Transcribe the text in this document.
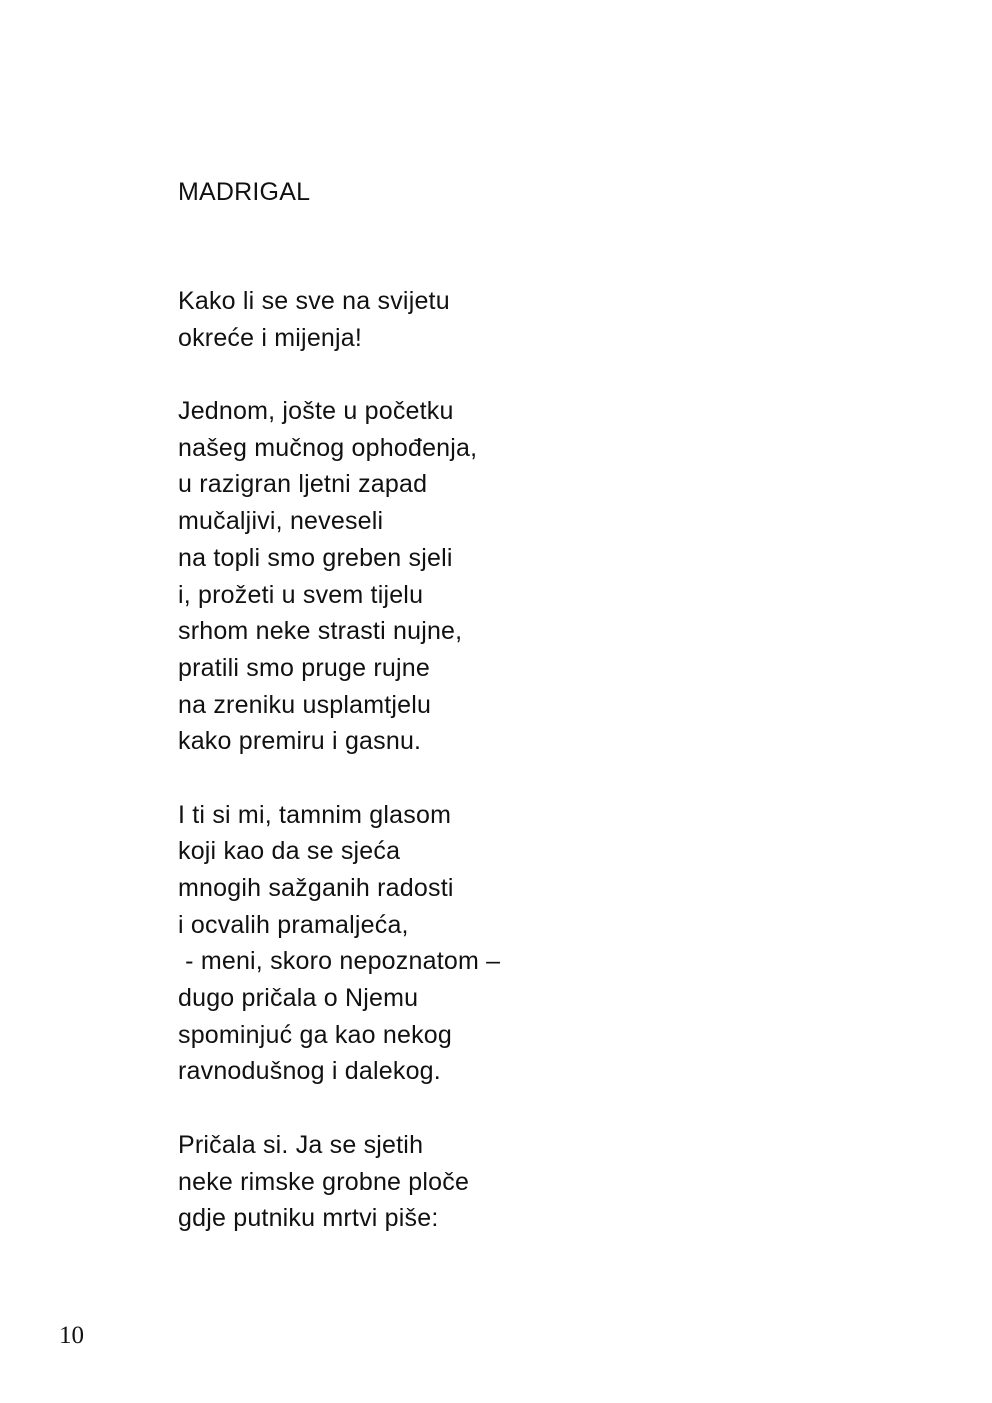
MADRIGAL
Kako li se sve na svijetu
okreće i mijenja!
Jednom, jošte u početku
našeg mučnog ophođenja,
u razigran ljetni zapad
mučaljivi, neveseli
na topli smo greben sjeli
i, prožeti u svem tijelu
srhom neke strasti nujne,
pratili smo pruge rujne
na zreniku usplamtjelu
kako premiru i gasnu.
I ti si mi, tamnim glasom
koji kao da se sjeća
mnogih sažganih radosti
i ocvalih pramaljeća,
- meni, skoro nepoznatom –
dugo pričala o Njemu
spominjuć ga kao nekog
ravnodušnog i dalekog.
Pričala si. Ja se sjetih
neke rimske grobne ploče
gdje putniku mrtvi piše:
10
